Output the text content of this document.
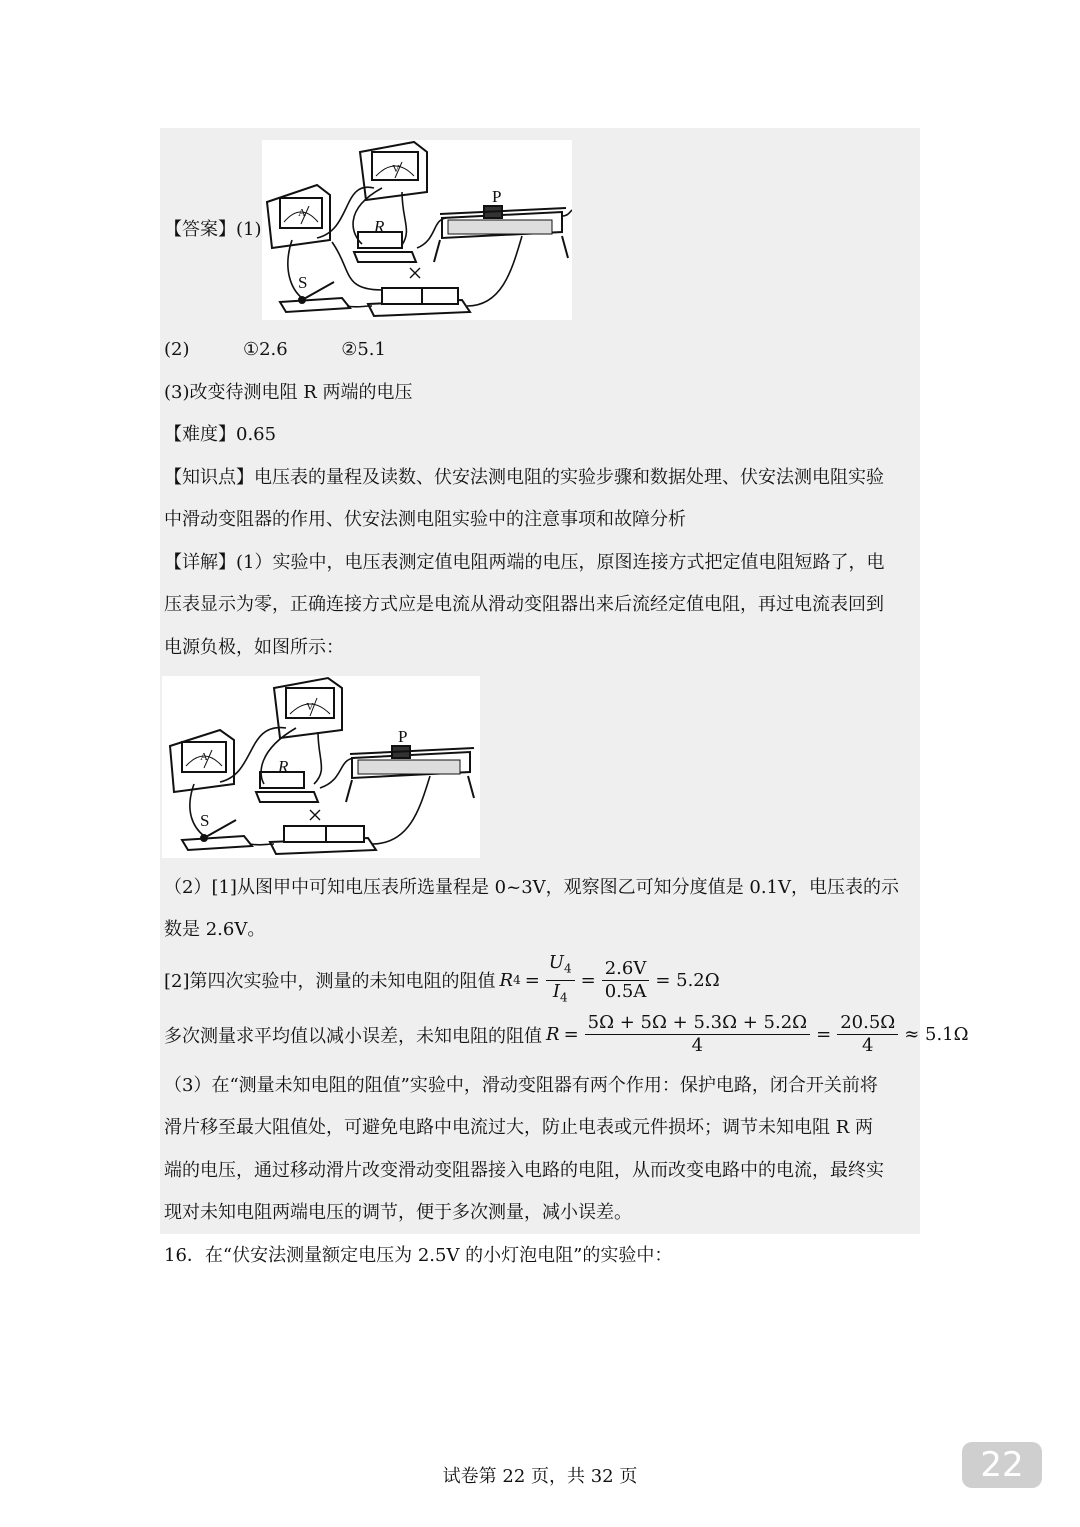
【答案】(1)
A
V
R
P
S
(2)	①2.6	②5.1
(3)改变待测电阻 R 两端的电压
【难度】0.65
【知识点】电压表的量程及读数、伏安法测电阻的实验步骤和数据处理、伏安法测电阻实验
中滑动变阻器的作用、伏安法测电阻实验中的注意事项和故障分析
【详解】(1）实验中，电压表测定值电阻两端的电压，原图连接方式把定值电阻短路了，电
压表显示为零，正确连接方式应是电流从滑动变阻器出来后流经定值电阻，再过电流表回到
电源负极，如图所示：
A
V
R
P
S
（2）[1]从图甲中可知电压表所选量程是 0~3V，观察图乙可知分度值是 0.1V，电压表的示
数是 2.6V。
[2]第四次实验中，测量的未知电阻的阻值 R $4 = \frac{U_4}{I_4} = \frac{2.6V}{0.5A} = 5.2\Omega$
多次测量求平均值以减小误差，未知电阻的阻值 $R = \frac{5\Omega + 5\Omega + 5.3\Omega + 5.2\Omega}{4} = \frac{20.5\Omega}{4} \approx 5.1\Omega$
（3）在“测量未知电阻的阻值”实验中，滑动变阻器有两个作用：保护电路，闭合开关前将
滑片移至最大阻值处，可避免电路中电流过大，防止电表或元件损坏；调节未知电阻 R 两
端的电压，通过移动滑片改变滑动变阻器接入电路的电阻，从而改变电路中的电流，最终实
现对未知电阻两端电压的调节，便于多次测量，减小误差。
16．在“伏安法测量额定电压为 2.5V 的小灯泡电阻”的实验中：
试卷第 22 页，共 32 页	22
